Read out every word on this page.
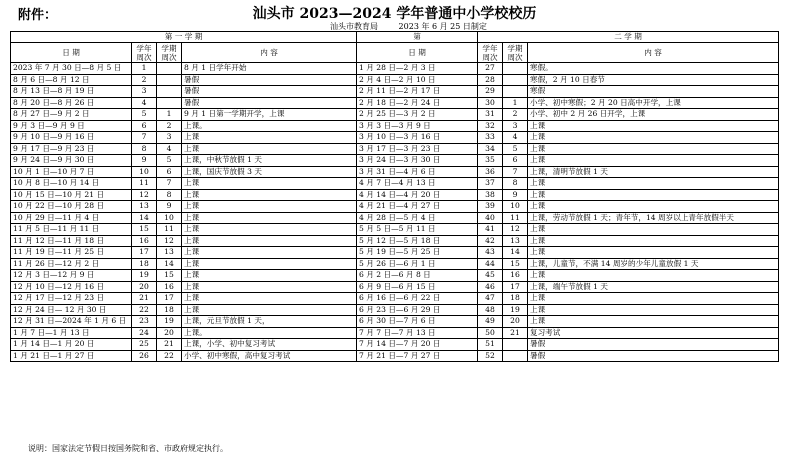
附件：	汕头市 2023—2024 学年普通中小学校校历
汕头市教育局	2023 年 6 月 25 日制定
第 一 学 期				第	二 学 期		
日 期	学年周次	学期周次	内 容	日 期	学年周次	学期周次	内 容
2023 年 7 月 30 日—8 月 5 日	1		8 月 1 日学年开始	1 月 28 日—2 月 3 日	27		寒假。
8 月 6 日—8 月 12 日	2		暑假	2 月 4 日—2 月 10 日	28		寒假，2 月 10 日春节
8 月 13 日—8 月 19 日	3		暑假	2 月 11 日—2 月 17 日	29		寒假
8 月 20 日—8 月 26 日	4		暑假	2 月 18 日—2 月 24 日	30	1	小学、初中寒假；2 月 20 日高中开学，上课
8 月 27 日—9 月 2 日	5	1	9 月 1 日第一学期开学，上课	2 月 25 日—3 月 2 日	31	2	小学、初中 2 月 26 日开学，上课
9 月 3 日—9 月 9 日	6	2	上课。	3 月 3 日—3 月 9 日	32	3	上课
9 月 10 日—9 月 16 日	7	3	上课	3 月 10 日—3 月 16 日	33	4	上课
9 月 17 日—9 月 23 日	8	4	上课	3 月 17 日—3 月 23 日	34	5	上课
9 月 24 日—9 月 30 日	9	5	上课，中秋节放假 1 天	3 月 24 日—3 月 30 日	35	6	上课
10 月 1 日—10 月 7 日	10	6	上课，国庆节放假 3 天	3 月 31 日—4 月 6 日	36	7	上课，清明节放假 1 天
10 月 8 日—10 月 14 日	11	7	上课	4 月 7 日—4 月 13 日	37	8	上课
10 月 15 日—10 月 21 日	12	8	上课	4 月 14 日—4 月 20 日	38	9	上课
10 月 22 日—10 月 28 日	13	9	上课	4 月 21 日—4 月 27 日	39	10	上课
10 月 29 日—11 月 4 日	14	10	上课	4 月 28 日—5 月 4 日	40	11	上课，劳动节放假 1 天；青年节，14 周岁以上青年放假半天
11 月 5 日—11 月 11 日	15	11	上课	5 月 5 日—5 月 11 日	41	12	上课
11 月 12 日—11 月 18 日	16	12	上课	5 月 12 日—5 月 18 日	42	13	上课
11 月 19 日—11 月 25 日	17	13	上课	5 月 19 日—5 月 25 日	43	14	上课
11 月 26 日—12 月 2 日	18	14	上课	5 月 26 日—6 月 1 日	44	15	上课，儿童节，不满 14 周岁的少年儿童放假 1 天
12 月 3 日—12 月 9 日	19	15	上课	6 月 2 日—6 月 8 日	45	16	上课
12 月 10 日—12 月 16 日	20	16	上课	6 月 9 日—6 月 15 日	46	17	上课，端午节放假 1 天
12 月 17 日—12 月 23 日	21	17	上课	6 月 16 日—6 月 22 日	47	18	上课
12 月 24 日— 12 月 30 日	22	18	上课	6 月 23 日—6 月 29 日	48	19	上课
12 月 31 日—2024 年 1 月 6 日	23	19	上课，元旦节放假 1 天，	6 月 30 日—7 月 6 日	49	20	上课
1 月 7 日—1 月 13 日	24	20	上课。	7 月 7 日—7 月 13 日	50	21	复习考试
1 月 14 日—1 月 20 日	25	21	上课，小学、初中复习考试	7 月 14 日—7 月 20 日	51		暑假
1 月 21 日—1 月 27 日	26	22	小学、初中寒假，高中复习考试	7 月 21 日—7 月 27 日	52		暑假
说明：国家法定节假日按国务院和省、市政府规定执行。
